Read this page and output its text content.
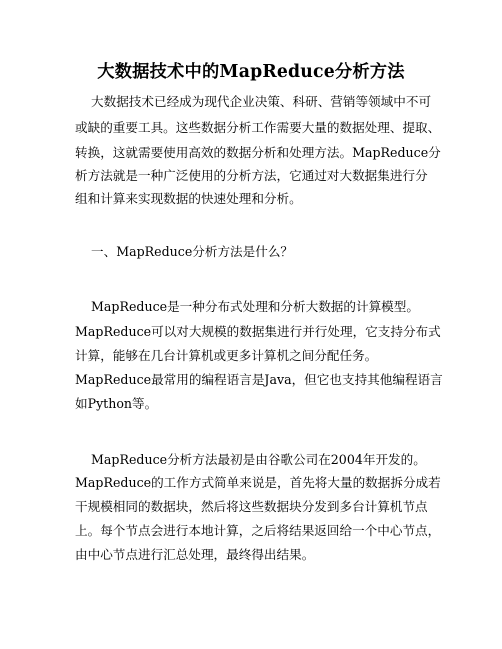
大数据技术中的MapReduce分析方法
大数据技术已经成为现代企业决策、科研、营销等领域中不可
或缺的重要工具。这些数据分析工作需要大量的数据处理、提取、
转换，这就需要使用高效的数据分析和处理方法。MapReduce分
析方法就是一种广泛使用的分析方法，它通过对大数据集进行分
组和计算来实现数据的快速处理和分析。
一、MapReduce分析方法是什么？
MapReduce是一种分布式处理和分析大数据的计算模型。
MapReduce可以对大规模的数据集进行并行处理，它支持分布式
计算，能够在几台计算机或更多计算机之间分配任务。
MapReduce最常用的编程语言是Java，但它也支持其他编程语言
如Python等。
MapReduce分析方法最初是由谷歌公司在2004年开发的。
MapReduce的工作方式简单来说是，首先将大量的数据拆分成若
干规模相同的数据块，然后将这些数据块分发到多台计算机节点
上。每个节点会进行本地计算，之后将结果返回给一个中心节点，
由中心节点进行汇总处理，最终得出结果。
